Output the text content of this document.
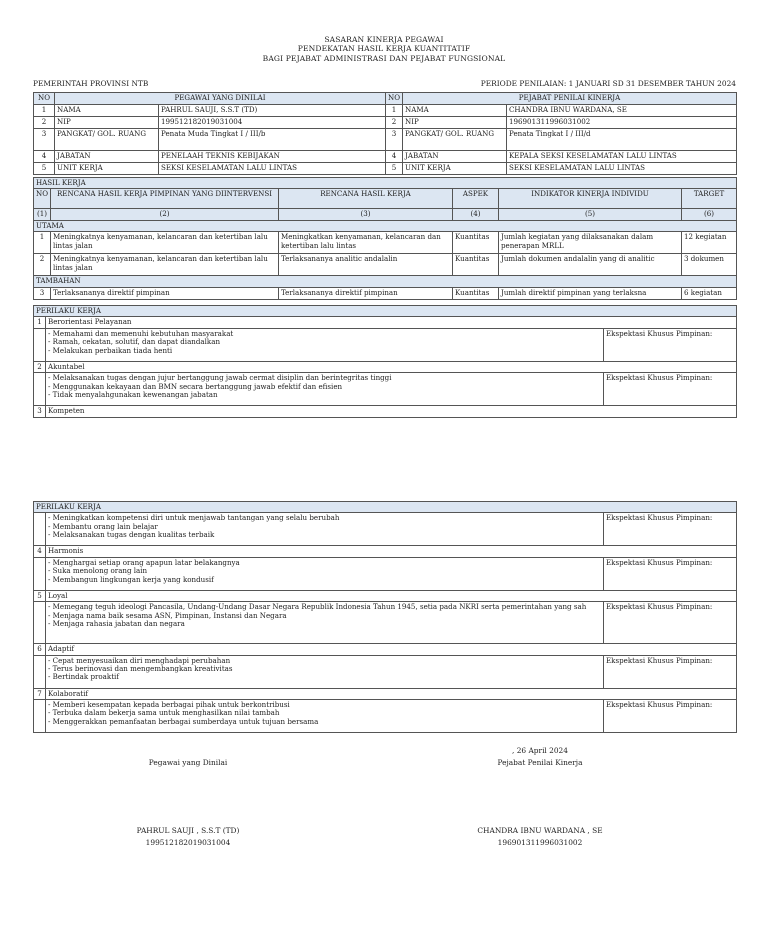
SASARAN KINERJA PEGAWAI
PENDEKATAN HASIL KERJA KUANTITATIF
BAGI PEJABAT ADMINISTRASI DAN PEJABAT FUNGSIONAL
PEMERINTAH PROVINSI NTB	PERIODE PENILAIAN: 1 JANUARI SD 31 DESEMBER TAHUN 2024
NO	PEGAWAI YANG DINILAI		NO	PEJABAT PENILAI KINERJA	
1	NAMA	PAHRUL SAUJI, S.S.T (TD)	1	NAMA	CHANDRA IBNU WARDANA, SE
2	NIP	199512182019031004	2	NIP	196901311996031002
3	PANGKAT/ GOL. RUANG	Penata Muda Tingkat I / III/b	3	PANGKAT/ GOL. RUANG	Penata Tingkat I / III/d
4	JABATAN	PENELAAH TEKNIS KEBIJAKAN	4	JABATAN	KEPALA SEKSI KESELAMATAN LALU LINTAS
5	UNIT KERJA	SEKSI KESELAMATAN LALU LINTAS	5	UNIT KERJA	SEKSI KESELAMATAN LALU LINTAS
HASIL KERJA					
NO	RENCANA HASIL KERJA PIMPINAN YANG DIINTERVENSI	RENCANA HASIL KERJA	ASPEK	INDIKATOR KINERJA INDIVIDU	TARGET
(1)	(2)	(3)	(4)	(5)	(6)
UTAMA					
1	Meningkatnya kenyamanan, kelancaran dan ketertiban lalu lintas jalan	Meningkatkan kenyamanan, kelancaran dan ketertiban lalu lintas	Kuantitas	Jumlah kegiatan yang dilaksanakan dalam penerapan MRLL	12 kegiatan
2	Meningkatnya kenyamanan, kelancaran dan ketertiban lalu lintas jalan	Terlaksananya analitic andalalin	Kuantitas	Jumlah dokumen andalalin yang di analitic	3 dokumen
TAMBAHAN					
3	Terlaksananya direktif pimpinan	Terlaksananya direktif pimpinan	Kuantitas	Jumlah direktif pimpinan yang terlaksna	6 kegiatan
PERILAKU KERJA		
1	Berorientasi Pelayanan	

	- Memahami dan memenuhi kebutuhan masyarakat
- Ramah, cekatan, solutif, dan dapat diandalkan
- Melakukan perbaikan tiada henti	Ekspektasi Khusus Pimpinan:
2	Akuntabel	

	- Melaksanakan tugas dengan jujur bertanggung jawab cermat disiplin dan berintegritas tinggi
- Menggunakan kekayaan dan BMN secara bertanggung jawab efektif dan efisien
- Tidak menyalahgunakan kewenangan jabatan	Ekspektasi Khusus Pimpinan:
3	Kompeten	
PERILAKU KERJA		

	- Meningkatkan kompetensi diri untuk menjawab tantangan yang selalu berubah
- Membantu orang lain belajar
- Melaksanakan tugas dengan kualitas terbaik	Ekspektasi Khusus Pimpinan:
4	Harmonis	

	- Menghargai setiap orang apapun latar belakangnya
- Suka menolong orang lain
- Membangun lingkungan kerja yang kondusif	Ekspektasi Khusus Pimpinan:
5	Loyal	

	- Memegang teguh ideologi Pancasila, Undang-Undang Dasar Negara Republik Indonesia Tahun 1945, setia pada NKRI serta pemerintahan yang sah
- Menjaga nama baik sesama ASN, Pimpinan, Instansi dan Negara
- Menjaga rahasia jabatan dan negara	Ekspektasi Khusus Pimpinan:
6	Adaptif	

	- Cepat menyesuaikan diri menghadapi perubahan
- Terus berinovasi dan mengembangkan kreativitas
- Bertindak proaktif	Ekspektasi Khusus Pimpinan:
7	Kolaboratif	

	- Memberi kesempatan kepada berbagai pihak untuk berkontribusi
- Terbuka dalam bekerja sama untuk menghasilkan nilai tambah
- Menggerakkan pemanfaatan berbagai sumberdaya untuk tujuan bersama	Ekspektasi Khusus Pimpinan:
, 26 April 2024
Pegawai yang Dinilai	Pejabat Penilai Kinerja
PAHRUL SAUJI , S.S.T (TD)
199512182019031004
CHANDRA IBNU WARDANA , SE
196901311996031002
